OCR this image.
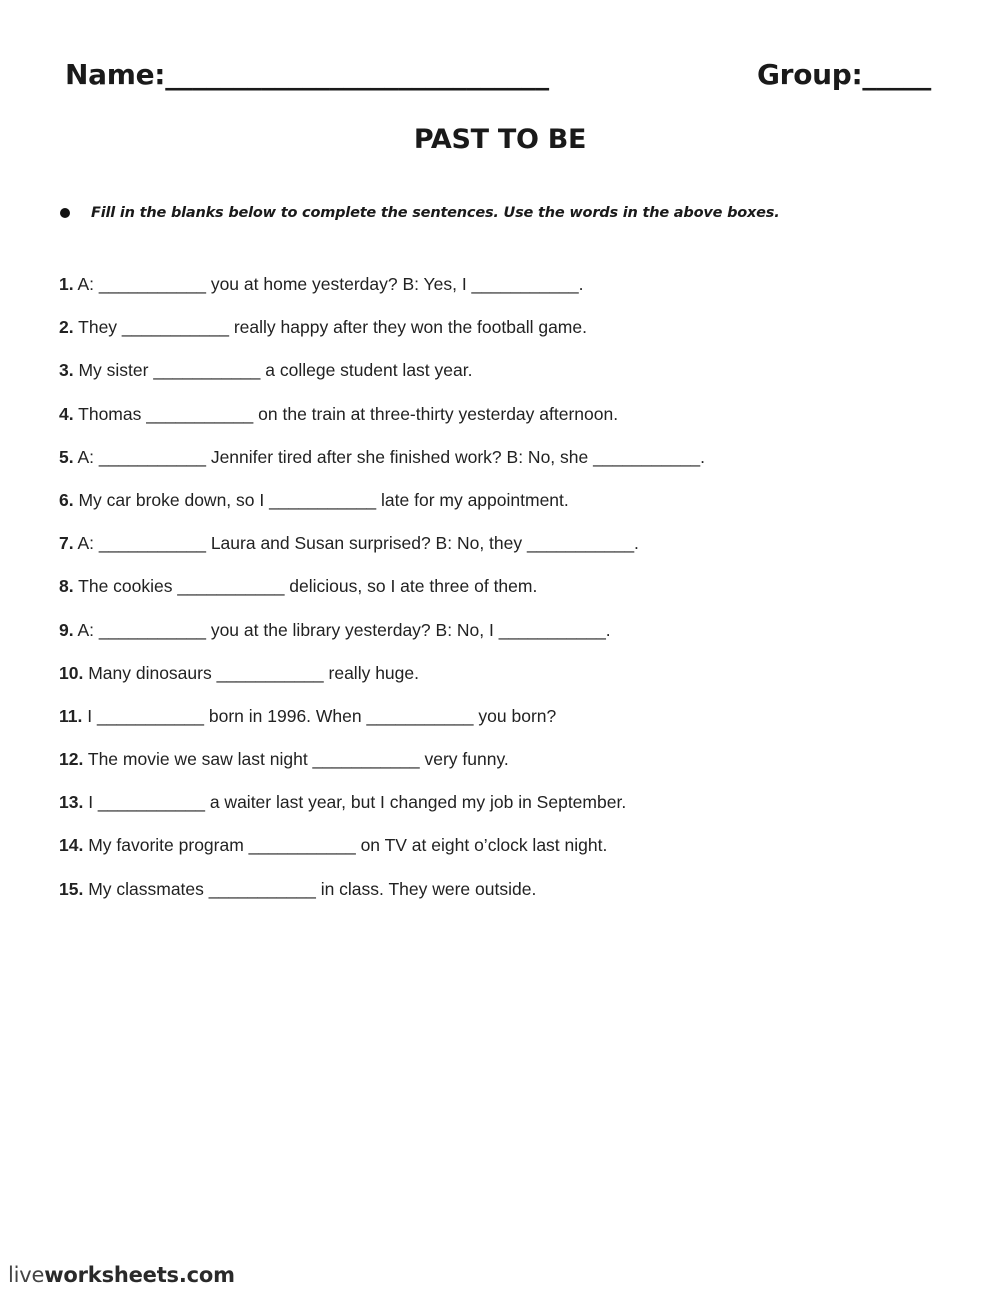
Name:____________________________	Group:_____
PAST TO BE
Fill in the blanks below to complete the sentences. Use the words in the above boxes.
1. A: ___________ you at home yesterday? B: Yes, I ___________.
2. They ___________ really happy after they won the football game.
3. My sister ___________ a college student last year.
4. Thomas ___________ on the train at three-thirty yesterday afternoon.
5. A: ___________ Jennifer tired after she finished work? B: No, she ___________.
6. My car broke down, so I ___________ late for my appointment.
7. A: ___________ Laura and Susan surprised? B: No, they ___________.
8. The cookies ___________ delicious, so I ate three of them.
9. A: ___________ you at the library yesterday? B: No, I ___________.
10. Many dinosaurs ___________ really huge.
11. I ___________ born in 1996. When ___________ you born?
12. The movie we saw last night ___________ very funny.
13. I ___________ a waiter last year, but I changed my job in September.
14. My favorite program ___________ on TV at eight o’clock last night.
15. My classmates ___________ in class. They were outside.
liveworksheets.com
